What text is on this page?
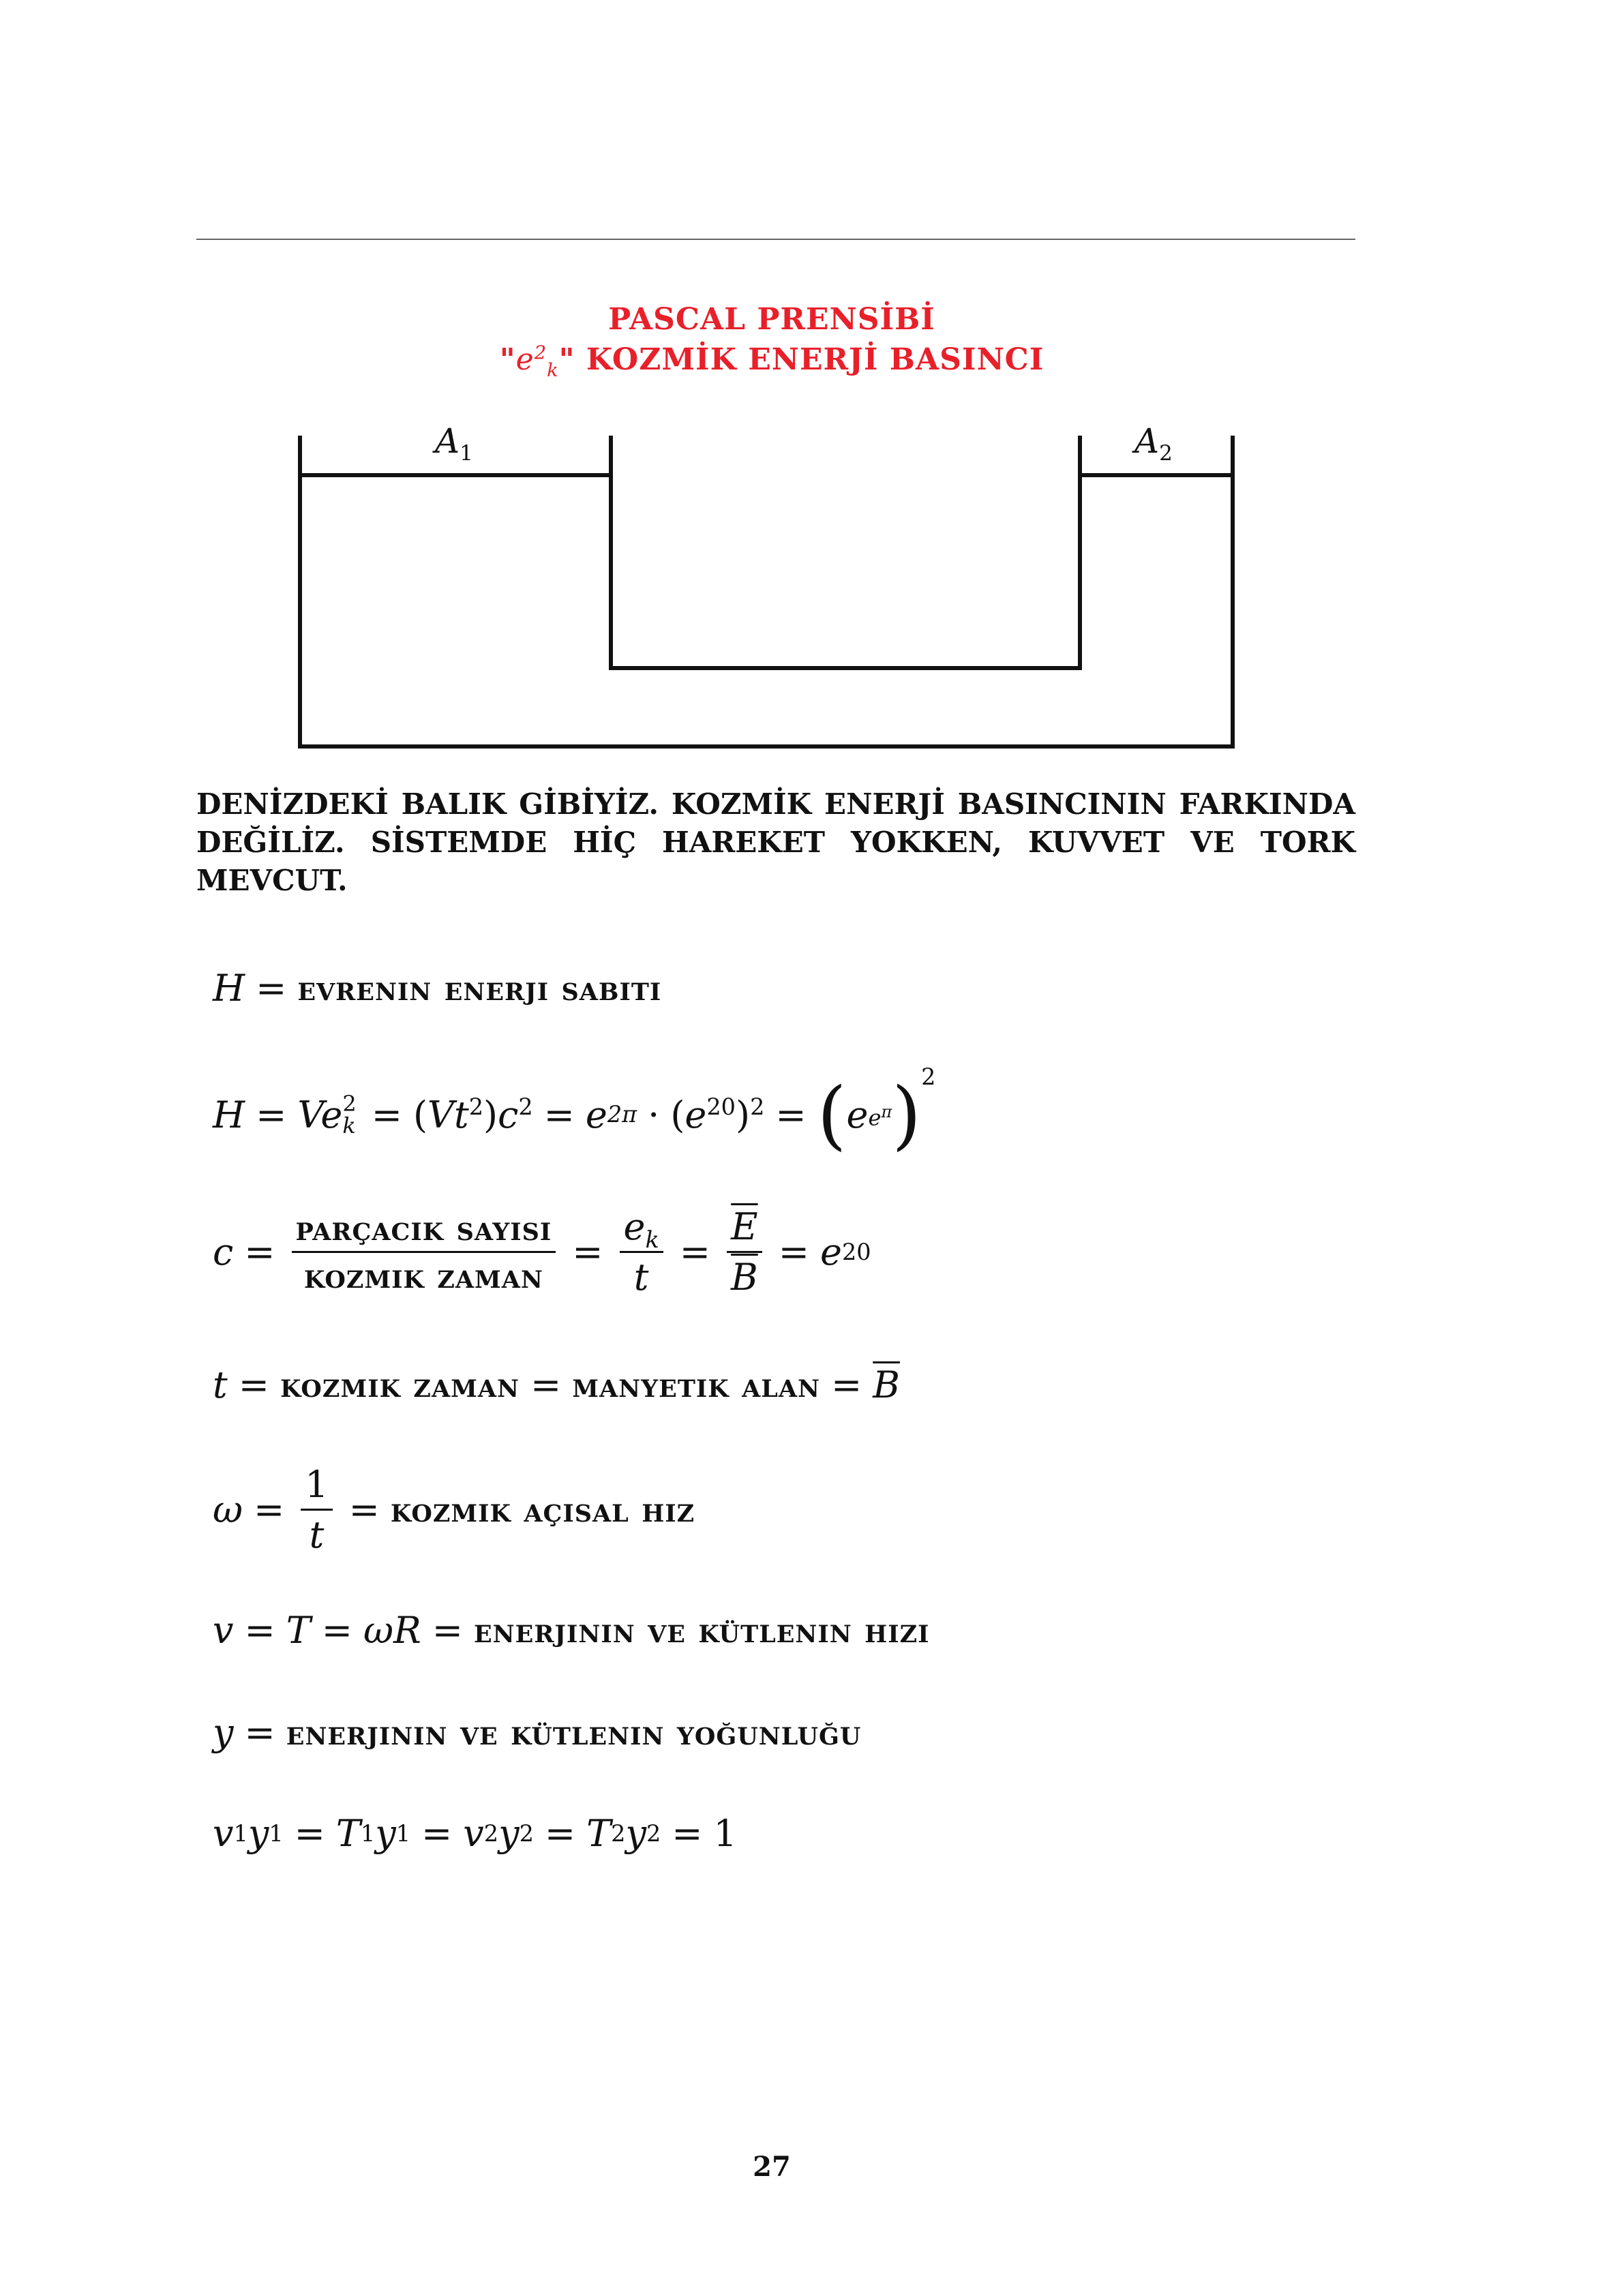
PASCAL PRENSİBİ
"$e^2_k$" KOZMİK ENERJİ BASINCI
$A_1$	$A_2$
DENİZDEKİ BALIK GİBİYİZ. KOZMİK ENERJİ BASINCININ FARKINDA DEĞİLİZ. SİSTEMDE HİÇ HAREKET YOKKEN, KUVVET VE TORK MEVCUT.
H = evrenin enerji sabiti
H = Ve 2
$k = (Vt^2)c^2 = e$ $2\pi \cdot (e^{20})^2$ = ( e $e^\pi$ ) 2
$c = \frac{\text{parçacik sayisi}}{\text{kozmik zaman}} = \frac{e_k}{t} = \frac{\overline{E}}{B} = e$ 20
t = kozmik zaman = manyetik alan = $\overline{B}$
$\omega = \frac{1}{t}$ = kozmik açisal hiz
v = T = ωR = enerjinin ve kütlenin hizi
y = enerjinin ve kütlenin yoğunluğu
v 1 y 1 = T 1 y 1 = v 2 y 2 = T 2 y 2 = 1
27
